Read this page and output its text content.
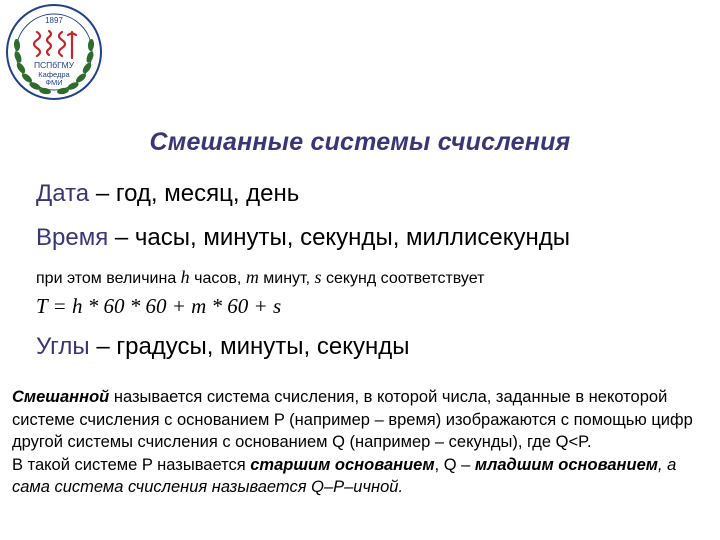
1897
ПСПбГМУ
Кафедра
ФМИ
Смешанные системы счисления
Дата – год, месяц, день
Время – часы, минуты, секунды, миллисекунды
при этом величина h часов, m минут, s секунд соответствует
T = h * 60 * 60 + m * 60 + s
Углы – градусы, минуты, секунды
Смешанной называется система счисления, в которой числа, заданные в некоторой системе счисления с основанием P (например – время) изображаются с помощью цифр другой системы счисления с основанием Q (например – секунды), где Q<P.
В такой системе P называется старшим основанием, Q – младшим основанием, а сама система счисления называется Q–P–ичной.
